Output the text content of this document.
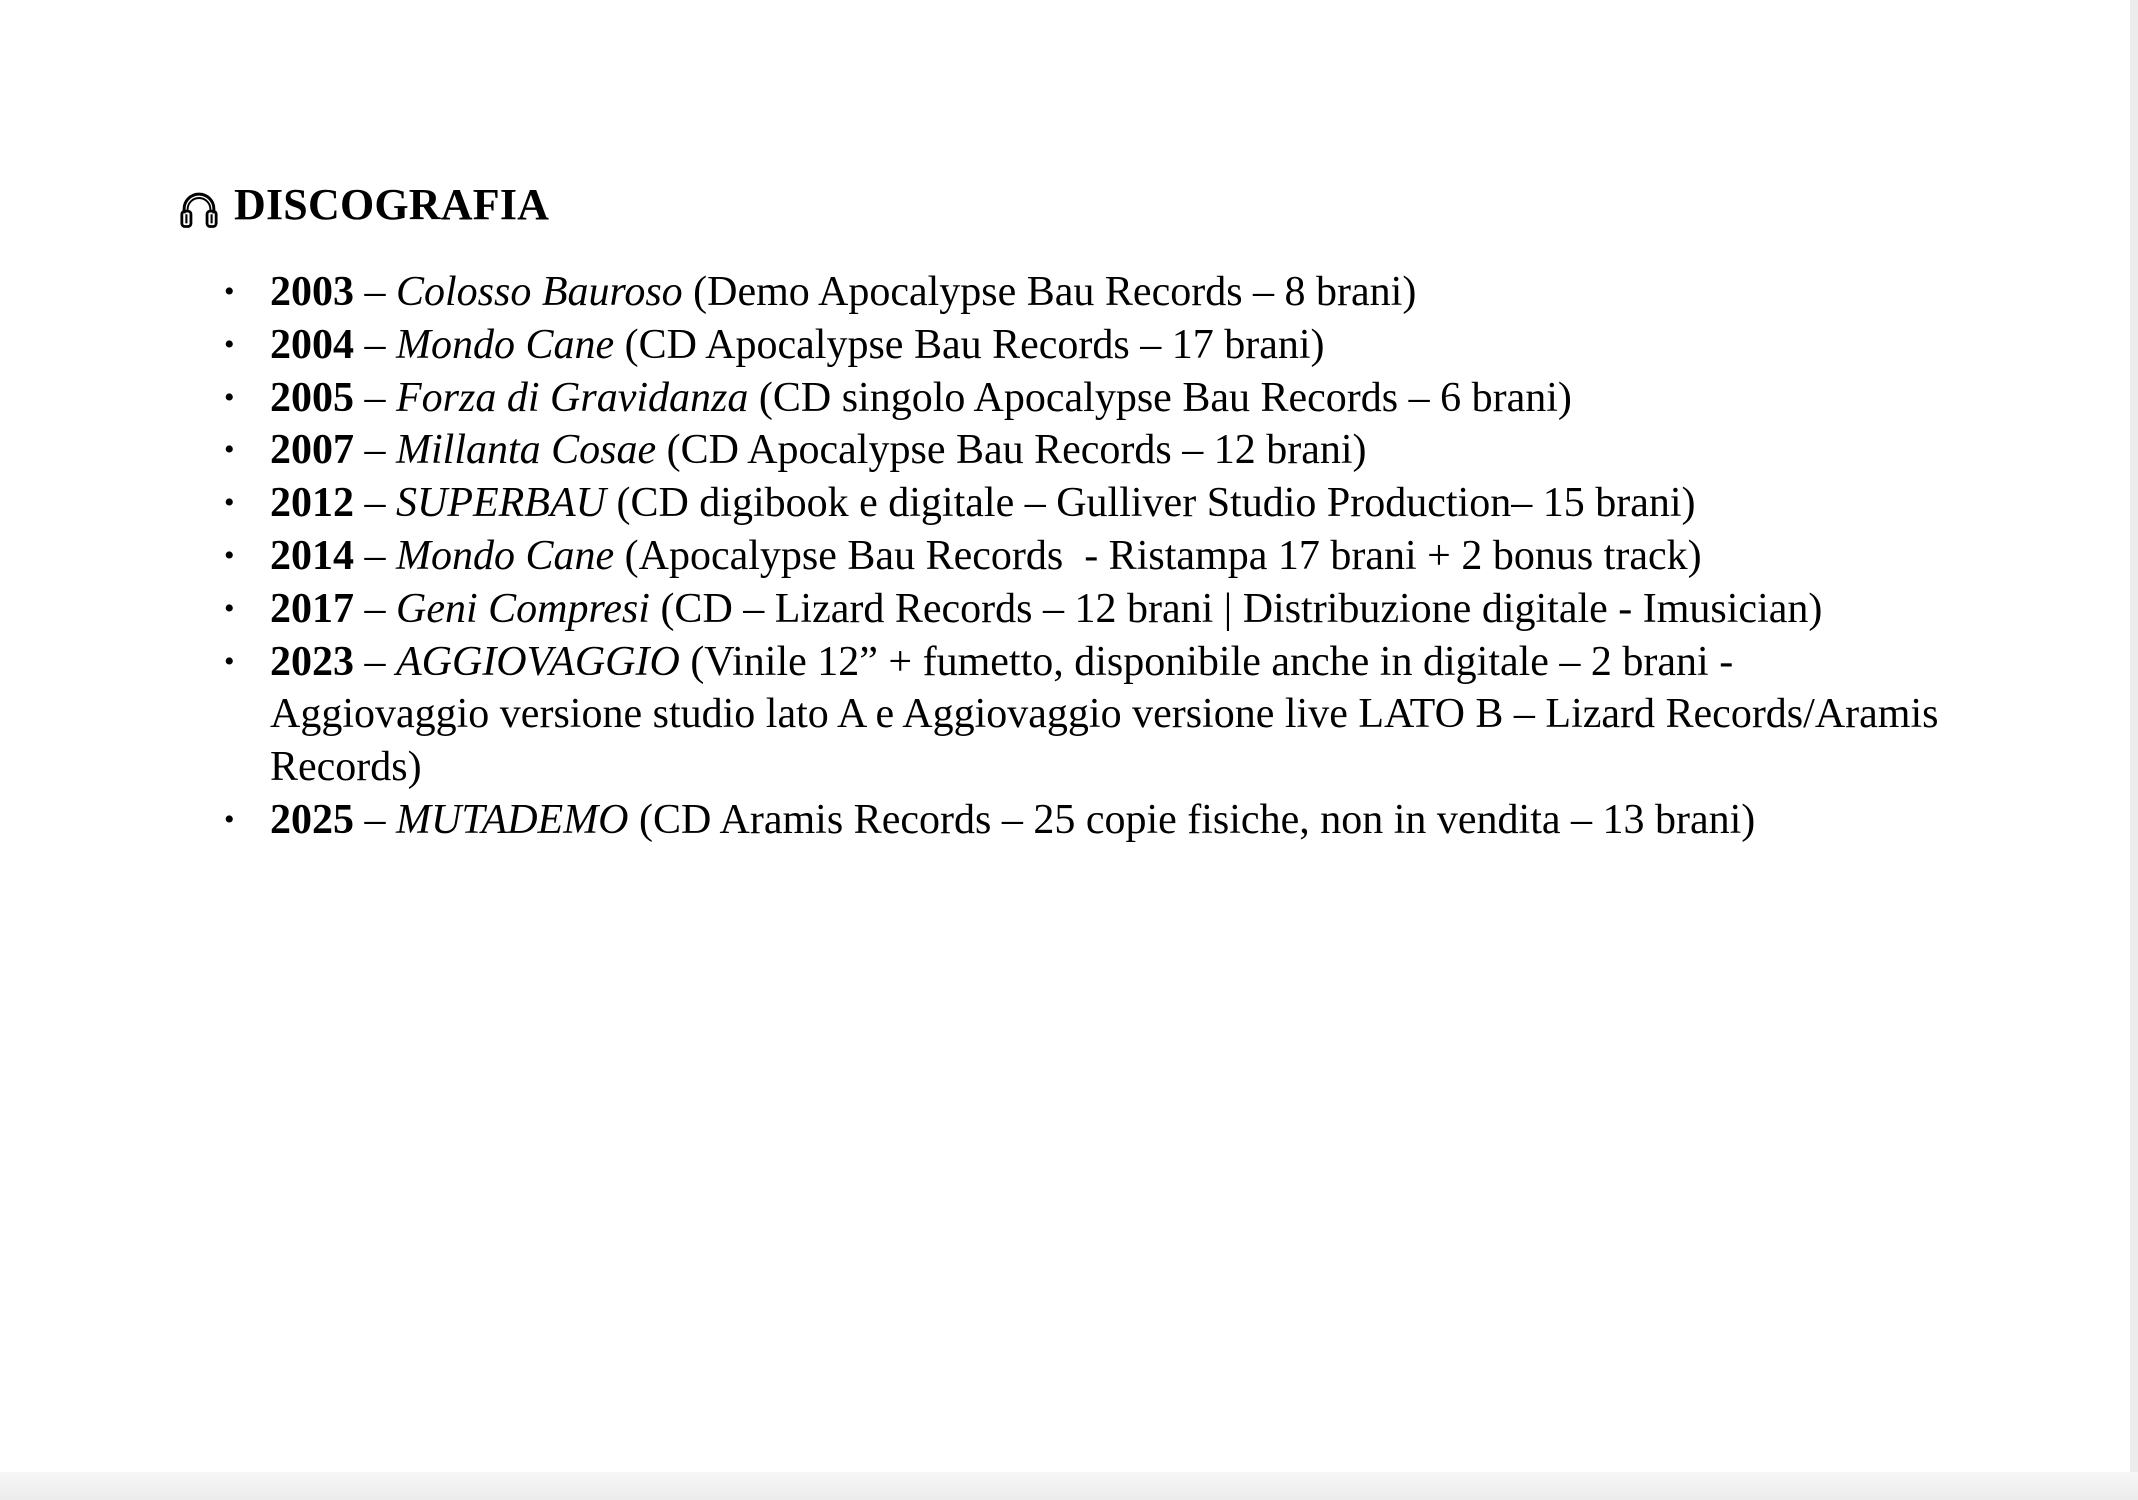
DISCOGRAFIA
• 2003 – Colosso Bauroso (Demo Apocalypse Bau Records – 8 brani)
• 2004 – Mondo Cane (CD Apocalypse Bau Records – 17 brani)
• 2005 – Forza di Gravidanza (CD singolo Apocalypse Bau Records – 6 brani)
• 2007 – Millanta Cosae (CD Apocalypse Bau Records – 12 brani)
• 2012 – SUPERBAU (CD digibook e digitale – Gulliver Studio Production– 15 brani)
• 2014 – Mondo Cane (Apocalypse Bau Records  - Ristampa 17 brani + 2 bonus track)
• 2017 – Geni Compresi (CD – Lizard Records – 12 brani | Distribuzione digitale - Imusician)
• 2023 – AGGIOVAGGIO (Vinile 12” + fumetto, disponibile anche in digitale – 2 brani - Aggiovaggio versione studio lato A e Aggiovaggio versione live LATO B – Lizard Records/Aramis Records)
• 2025 – MUTADEMO (CD Aramis Records – 25 copie fisiche, non in vendita – 13 brani)
